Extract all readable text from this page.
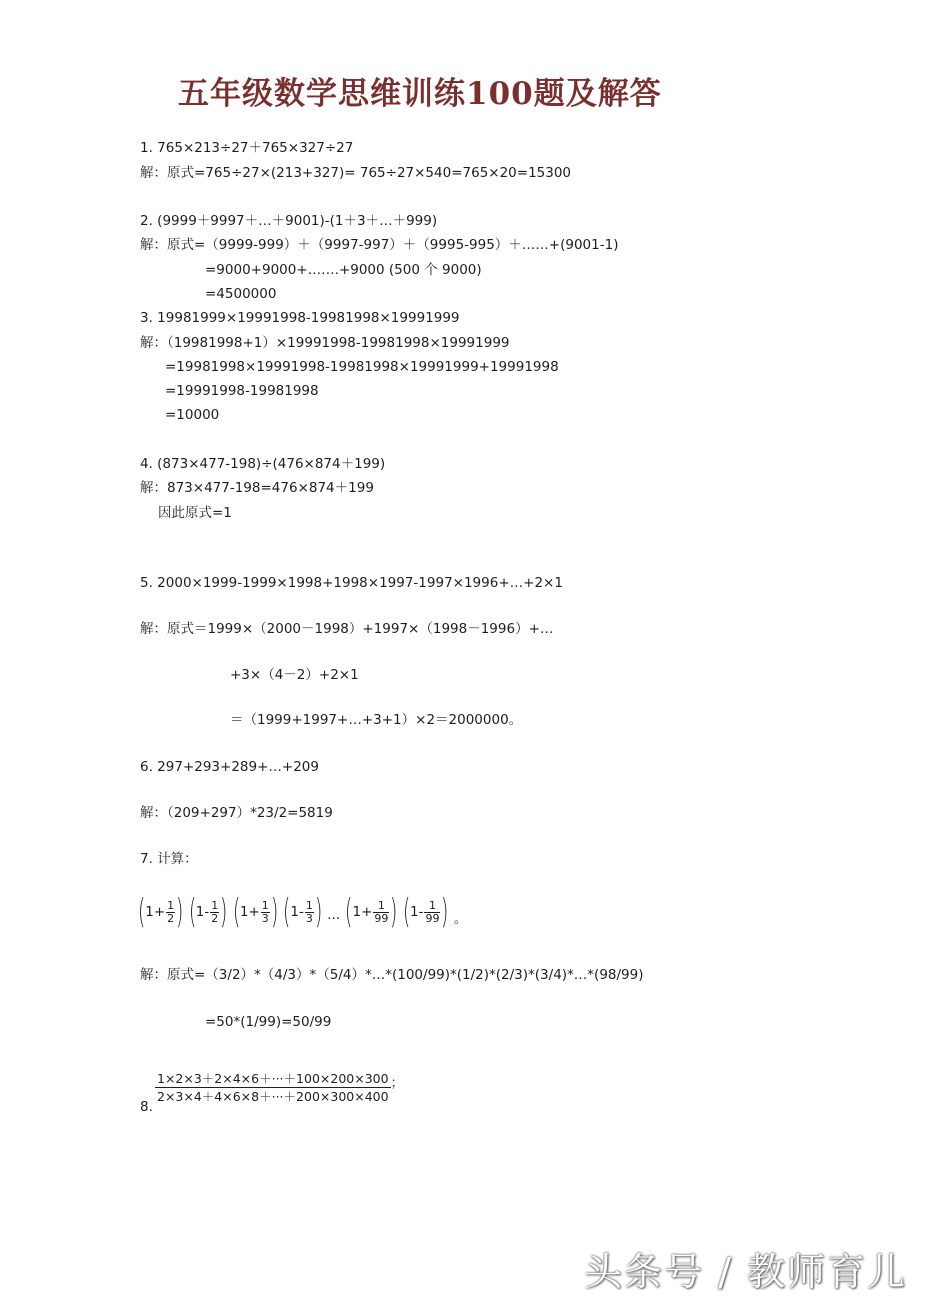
五年级数学思维训练100题及解答
1. 765×213÷27＋765×327÷27
解：原式=765÷27×(213+327)= 765÷27×540=765×20=15300
2. (9999＋9997＋…＋9001)-(1＋3＋…＋999)
解：原式=（9999-999）＋（9997-997）＋（9995-995）＋……+(9001-1)
=9000+9000+…….+9000 (500 个 9000)
=4500000
3. 19981999×19991998-19981998×19991999
解：（19981998+1）×19991998-19981998×19991999
=19981998×19991998-19981998×19991999+19991998
=19991998-19981998
=10000
4. (873×477-198)÷(476×874＋199)
解：873×477-198=476×874＋199
因此原式=1
5. 2000×1999-1999×1998+1998×1997-1997×1996+…+2×1
解：原式＝1999×（2000－1998）+1997×（1998－1996）+…
+3×（4－2）+2×1
＝（1999+1997+…+3+1）×2＝2000000。
6. 297+293+289+…+209
解：（209+297）*23/2=5819
7. 计算：
( $1 + \frac{1}{2}$ )
( $1 - \frac{1}{2}$ )
( $1 + \frac{1}{3}$ )
( $1 - \frac{1}{3}$ ) ··· ( $1 + \frac{1}{99}$ )
( $1 - \frac{1}{99}$ ) 。
解：原式=（3/2）*（4/3）*（5/4）*…*(100/99)*(1/2)*(2/3)*(3/4)*…*(98/99)
=50*(1/99)=50/99
8.
$\frac{1\times 2\times 3+2\times 4\times 6+\cdot\cdot\cdot+100\times 200\times 300}{2\times 3\times 4+4\times 6\times 8+\cdot\cdot\cdot+200\times 300\times 400} ^;$
头条号 / 教师育儿
